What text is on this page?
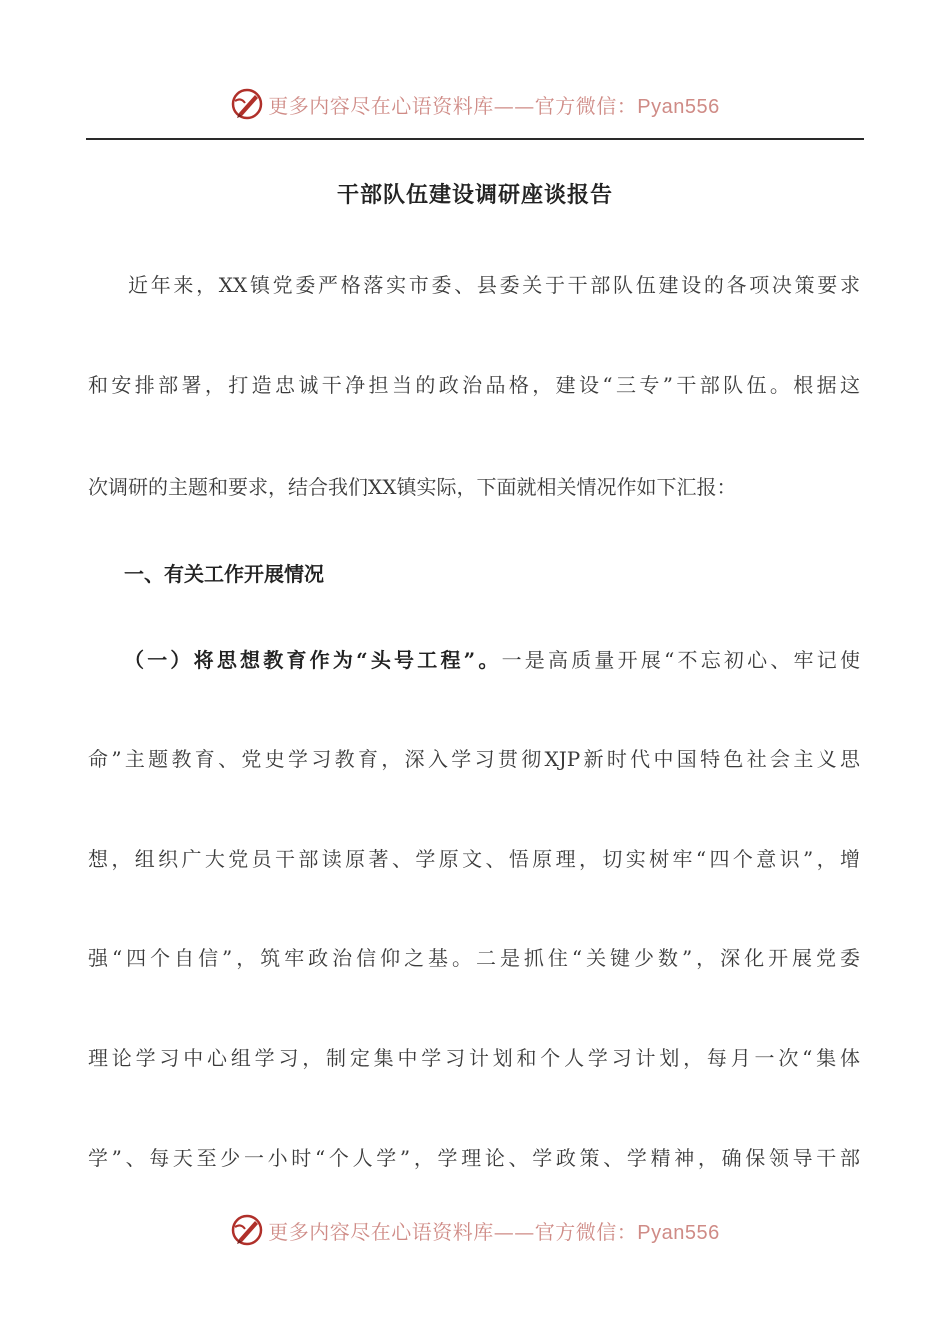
更多内容尽在心语资料库——官方微信：Pyan556
干部队伍建设调研座谈报告
近年来，XX镇党委严格落实市委、县委关于干部队伍建设的各项决策要求
和安排部署，打造忠诚干净担当的政治品格，建设“三专”干部队伍。根据这
次调研的主题和要求，结合我们XX镇实际，下面就相关情况作如下汇报：
一、有关工作开展情况
（一）将思想教育作为“头号工程”。一是高质量开展“不忘初心、牢记使
命”主题教育、党史学习教育，深入学习贯彻XJP新时代中国特色社会主义思
想，组织广大党员干部读原著、学原文、悟原理，切实树牢“四个意识”，增
强“四个自信”，筑牢政治信仰之基。二是抓住“关键少数”，深化开展党委
理论学习中心组学习，制定集中学习计划和个人学习计划，每月一次“集体
学”、每天至少一小时“个人学”，学理论、学政策、学精神，确保领导干部
更多内容尽在心语资料库——官方微信：Pyan556
